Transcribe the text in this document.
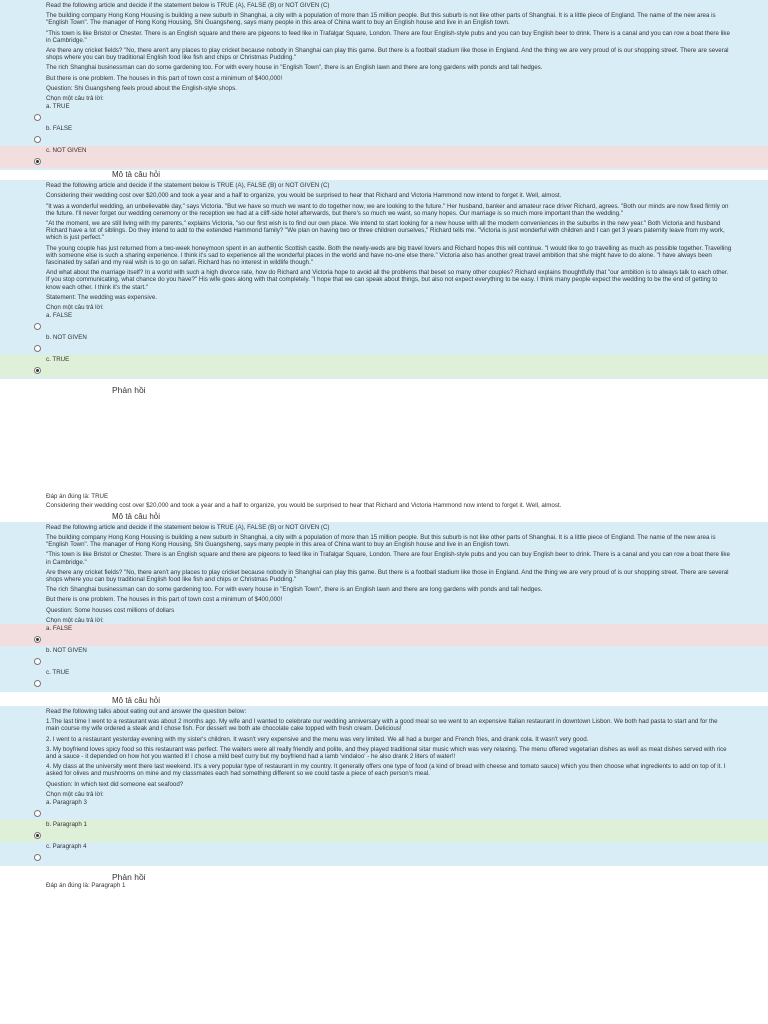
Read the following article and decide if the statement below is TRUE (A), FALSE (B) or NOT GIVEN (C)

The building company Hong Kong Housing is building a new suburb in Shanghai, a city with a population of more than 15 million people. But this suburb is not like other parts of Shanghai. It is a little piece of England. The name of the new area is "English Town". The manager of Hong Kong Housing, Shi Guangsheng, says many people in this area of China want to buy an English house and live in an English town.

"This town is like Bristol or Chester. There is an English square and there are pigeons to feed like in Trafalgar Square, London. There are four English-style pubs and you can buy English beer to drink. There is a canal and you can row a boat there like in Cambridge."

Are there any cricket fields? "No, there aren't any places to play cricket because nobody in Shanghai can play this game. But there is a football stadium like those in England. And the thing we are very proud of is our shopping street. There are several shops where you can buy traditional English food like fish and chips or Christmas Pudding."

The rich Shanghai businessman can do some gardening too. For with every house in "English Town", there is an English lawn and there are long gardens with ponds and tall hedges.

But there is one problem. The houses in this part of town cost a minimum of $400,000!

Question: Shi Guangsheng feels proud about the English-style shops.

Chọn một câu trả lời:

a. TRUE
b. FALSE
c. NOT GIVEN
Mô tả câu hỏi

Read the following article and decide if the statement below is TRUE (A), FALSE (B) or NOT GIVEN (C)

Considering their wedding cost over $20,000 and took a year and a half to organize, you would be surprised to hear that Richard and Victoria Hammond now intend to forget it. Well, almost.

"It was a wonderful wedding, an unbelievable day," says Victoria. "But we have so much we want to do together now, we are looking to the future." Her husband, banker and amateur race driver Richard, agrees. "Both our minds are now fixed firmly on the future. I'll never forget our wedding ceremony or the reception we had at a cliff-side hotel afterwards, but there's so much we want, so many hopes. Our marriage is so much more important than the wedding."

"At the moment, we are still living with my parents," explains Victoria, "so our first wish is to find our own place. We intend to start looking for a new house with all the modern conveniences in the suburbs in the new year." Both Victoria and husband Richard have a lot of siblings. Do they intend to add to the extended Hammond family? "We plan on having two or three children ourselves," Richard tells me. "Victoria is just wonderful with children and I can get 3 years paternity leave from my work, which is just perfect."

The young couple has just returned from a two-week honeymoon spent in an authentic Scottish castle. Both the newly-weds are big travel lovers and Richard hopes this will continue. "I would like to go travelling as much as possible together. Travelling with someone else is such a sharing experience. I think it's sad to experience all the wonderful places in the world and have no-one else there." Victoria also has another great travel ambition that she might have to do alone. "I have always been fascinated by safari and my real wish is to go on safari. Richard has no interest in wildlife though."

And what about the marriage itself? In a world with such a high divorce rate, how do Richard and Victoria hope to avoid all the problems that beset so many other couples? Richard explains thoughtfully that "our ambition is to always talk to each other. If you stop communicating, what chance do you have?" His wife goes along with that completely. "I hope that we can speak about things, but also not expect everything to be easy. I think many people expect the wedding to be the end of getting to know each other. I think it's the start."

Statement: The wedding was expensive.

Chọn một câu trả lời:

a. FALSE
b. NOT GIVEN
c. TRUE
Phản hồi

Đáp án đúng là: TRUE

Considering their wedding cost over $20,000 and took a year and a half to organize, you would be surprised to hear that Richard and Victoria Hammond now intend to forget it. Well, almost.

Mô tả câu hỏi

Read the following article and decide if the statement below is TRUE (A), FALSE (B) or NOT GIVEN (C)

The building company Hong Kong Housing is building a new suburb in Shanghai, a city with a population of more than 15 million people. But this suburb is not like other parts of Shanghai. It is a little piece of England. The name of the new area is "English Town". The manager of Hong Kong Housing, Shi Guangsheng, says many people in this area of China want to buy an English house and live in an English town.

"This town is like Bristol or Chester. There is an English square and there are pigeons to feed like in Trafalgar Square, London. There are four English-style pubs and you can buy English beer to drink. There is a canal and you can row a boat there like in Cambridge."

Are there any cricket fields? "No, there aren't any places to play cricket because nobody in Shanghai can play this game. But there is a football stadium like those in England. And the thing we are very proud of is our shopping street. There are several shops where you can buy traditional English food like fish and chips or Christmas Pudding."

The rich Shanghai businessman can do some gardening too. For with every house in "English Town", there is an English lawn and there are long gardens with ponds and tall hedges.

But there is one problem. The houses in this part of town cost a minimum of $400,000!

Question: Some houses cost millions of dollars

Chọn một câu trả lời:

a. FALSE
b. NOT GIVEN
c. TRUE
Mô tả câu hỏi

Read the following talks about eating out and answer the question below:

1.The last time I went to a restaurant was about 2 months ago. My wife and I wanted to celebrate our wedding anniversary with a good meal so we went to an expensive Italian restaurant in downtown Lisbon. We both had pasta to start and for the main course my wife ordered a steak and I chose fish. For dessert we both ate chocolate cake topped with fresh cream. Delicious!

2. I went to a restaurant yesterday evening with my sister's children. It wasn't very expensive and the menu was very limited. We all had a burger and French fries, and drank cola. It wasn't very good.

3. My boyfriend loves spicy food so this restaurant was perfect. The waiters were all really friendly and polite, and they played traditional sitar music which was very relaxing. The menu offered vegetarian dishes as well as meat dishes served with rice and a sauce - it depended on how hot you wanted it! I chose a mild beef curry but my boyfriend had a lamb 'vindaloo' - he also drank 2 liters of water!!

4. My class at the university went there last weekend. It's a very popular type of restaurant in my country. It generally offers one type of food (a kind of bread with cheese and tomato sauce) which you then choose what ingredients to add on top of it. I asked for olives and mushrooms on mine and my classmates each had something different so we could taste a piece of each person's meal.

Question: In which text did someone eat seafood?

Chọn một câu trả lời:

a. Paragraph 3
b. Paragraph 1
c. Paragraph 4
Phản hồi

Đáp án đúng là: Paragraph 1
